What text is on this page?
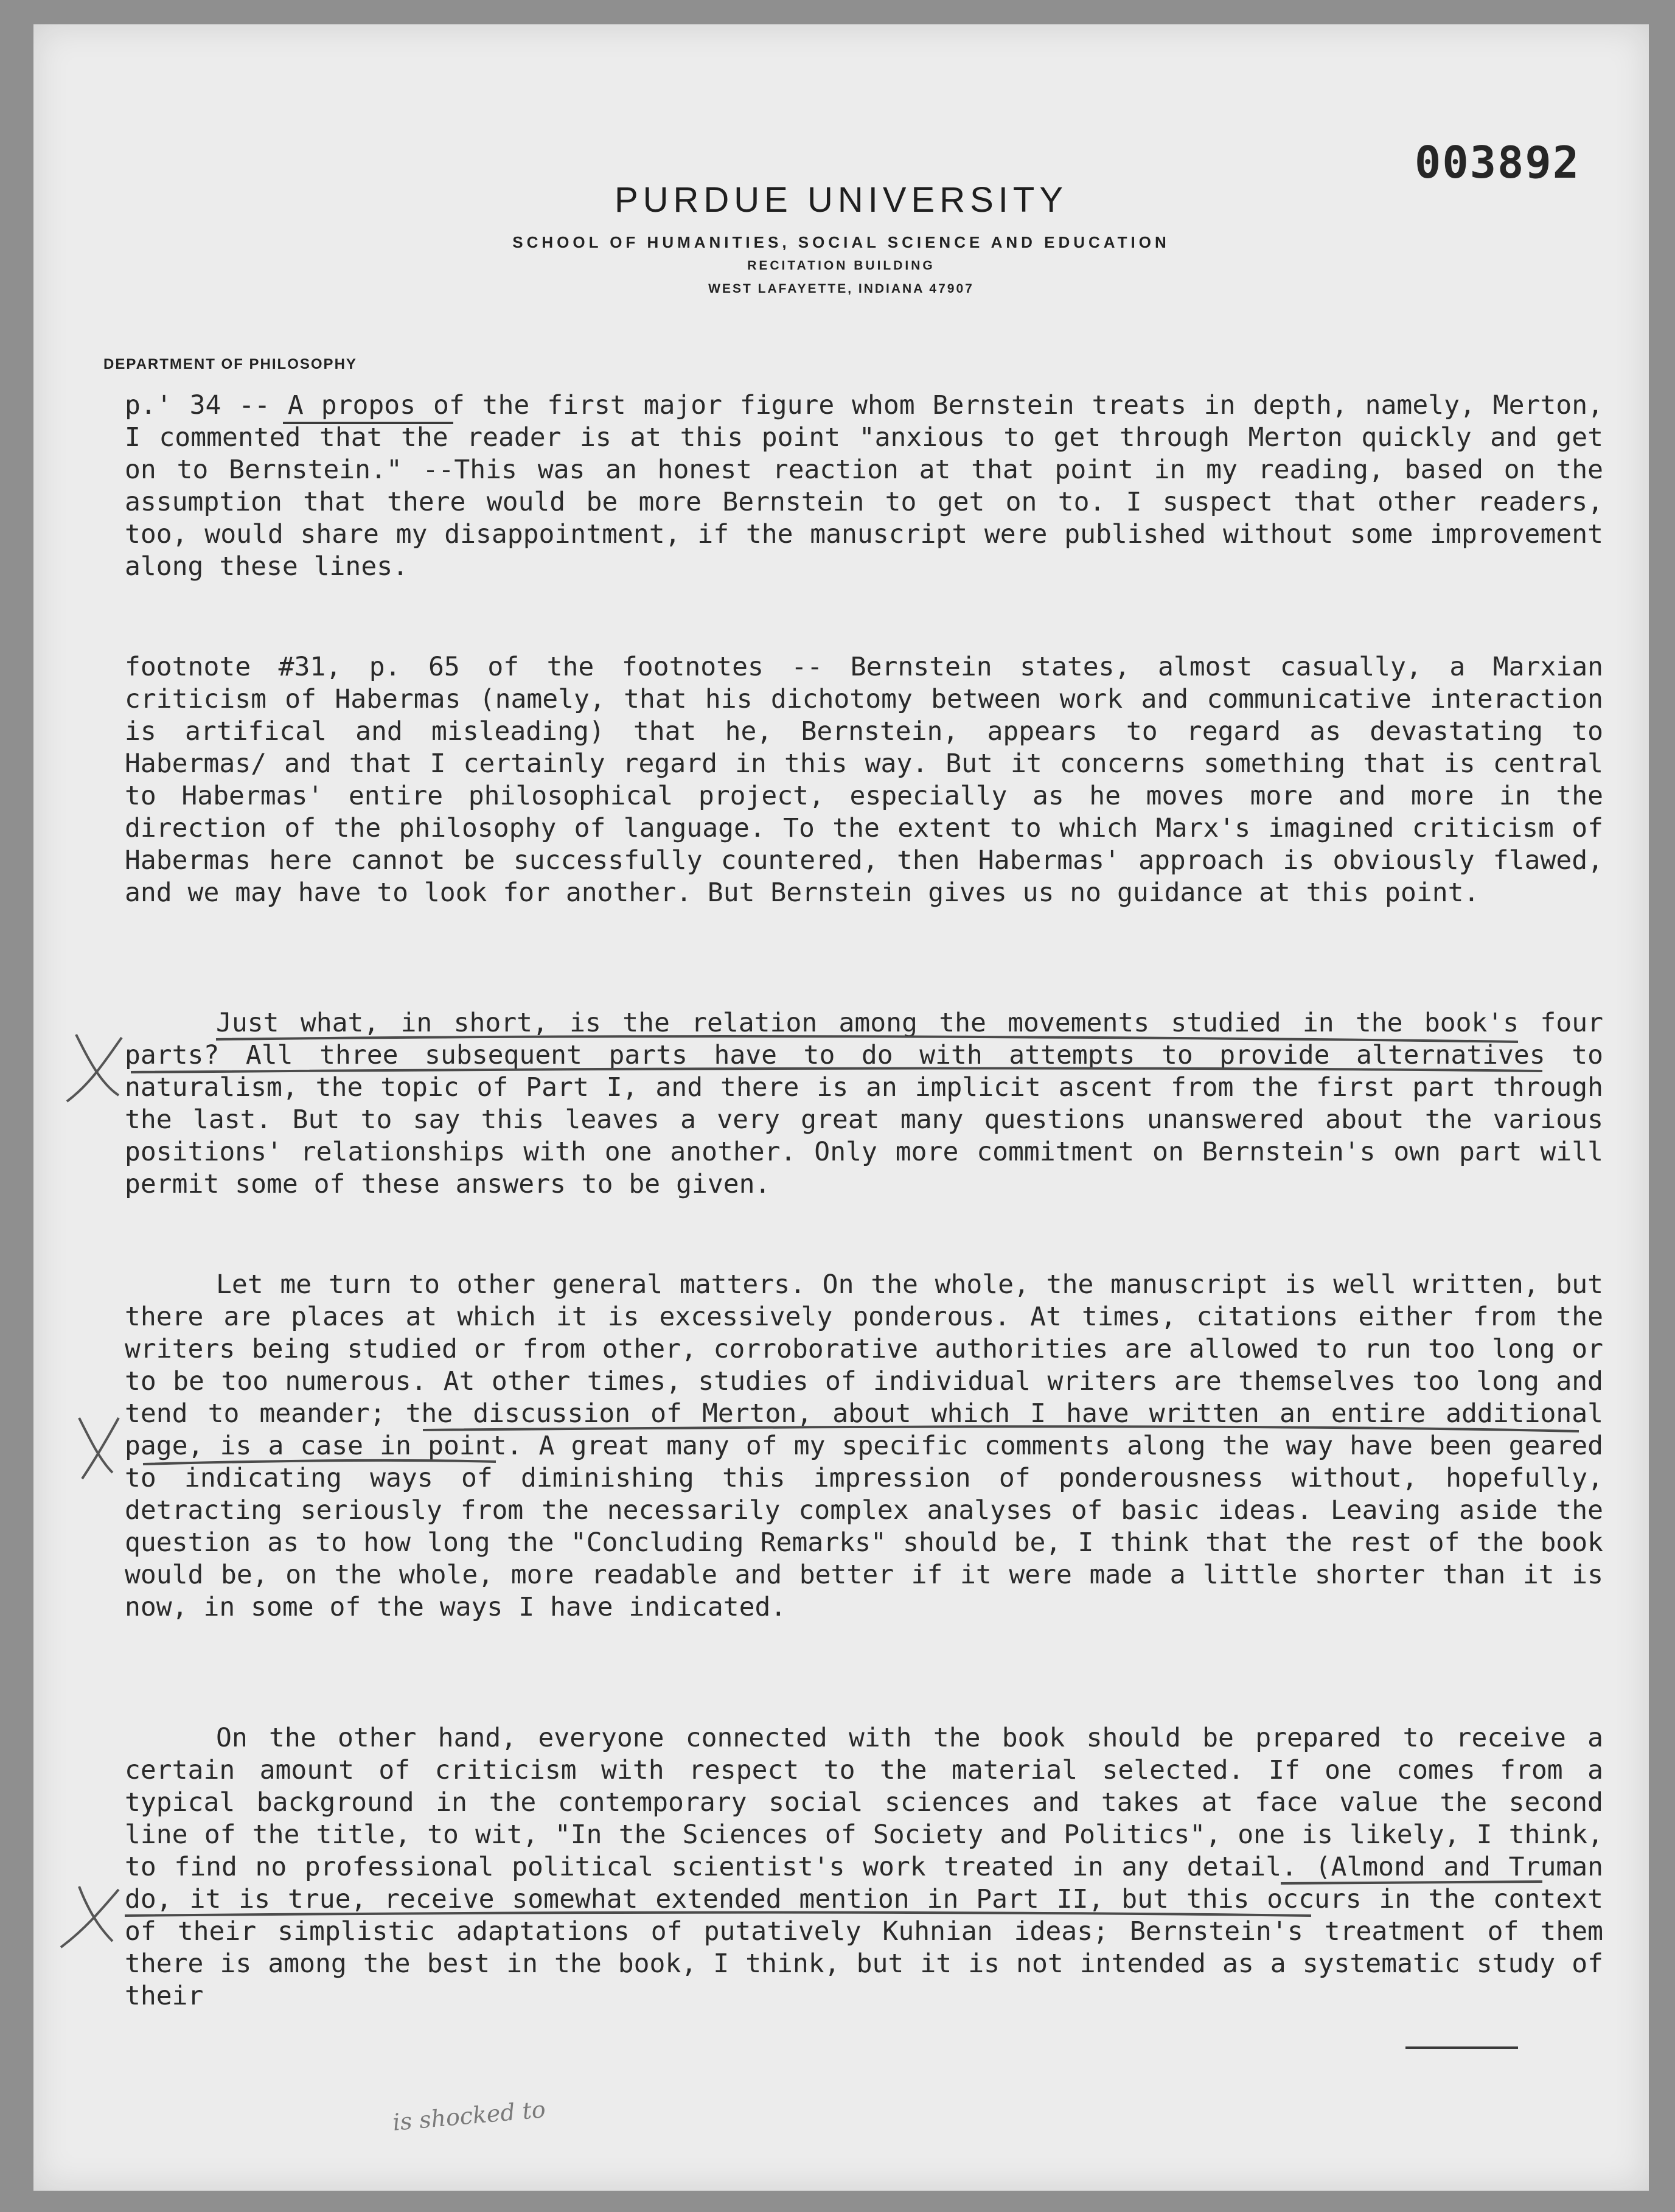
003892
PURDUE UNIVERSITY
SCHOOL OF HUMANITIES, SOCIAL SCIENCE AND EDUCATION
RECITATION BUILDING
WEST LAFAYETTE, INDIANA 47907
DEPARTMENT OF PHILOSOPHY

p.' 34 -- A propos of the first major figure whom Bernstein treats in depth, namely, Merton, I commented that the reader is at this point "anxious to get through Merton quickly and get on to Bernstein." --This was an honest reaction at that point in my reading, based on the assumption that there would be more Bernstein to get on to. I suspect that other readers, too, would share my disappointment, if the manuscript were published without some improvement along these lines.

footnote #31, p. 65 of the footnotes -- Bernstein states, almost casually, a Marxian criticism of Habermas (namely, that his dichotomy between work and communicative interaction is artifical and misleading) that he, Bernstein, appears to regard as devastating to Habermas/ and that I certainly regard in this way. But it concerns something that is central to Habermas' entire philosophical project, especially as he moves more and more in the direction of the philosophy of language. To the extent to which Marx's imagined criticism of Habermas here cannot be successfully countered, then Habermas' approach is obviously flawed, and we may have to look for another. But Bernstein gives us no guidance at this point.

Just what, in short, is the relation among the movements studied in the book's four parts? All three subsequent parts have to do with attempts to provide alternatives to naturalism, the topic of Part I, and there is an implicit ascent from the first part through the last. But to say this leaves a very great many questions unanswered about the various positions' relationships with one another. Only more commitment on Bernstein's own part will permit some of these answers to be given.

Let me turn to other general matters. On the whole, the manuscript is well written, but there are places at which it is excessively ponderous. At times, citations either from the writers being studied or from other, corroborative authorities are allowed to run too long or to be too numerous. At other times, studies of individual writers are themselves too long and tend to meander; the discussion of Merton, about which I have written an entire additional page, is a case in point. A great many of my specific comments along the way have been geared to indicating ways of diminishing this impression of ponderousness without, hopefully, detracting seriously from the necessarily complex analyses of basic ideas. Leaving aside the question as to how long the "Concluding Remarks" should be, I think that the rest of the book would be, on the whole, more readable and better if it were made a little shorter than it is now, in some of the ways I have indicated.

On the other hand, everyone connected with the book should be prepared to receive a certain amount of criticism with respect to the material selected. If one comes from a typical background in the contemporary social sciences and takes at face value the second line of the title, to wit, "In the Sciences of Society and Politics", one is likely, I think, to find no professional political scientist's work treated in any detail. (Almond and Truman do, it is true, receive somewhat extended mention in Part II, but this occurs in the context of their simplistic adaptations of putatively Kuhnian ideas; Bernstein's treatment of them there is among the best in the book, I think, but it is not intended as a systematic study of their

is shocked to
